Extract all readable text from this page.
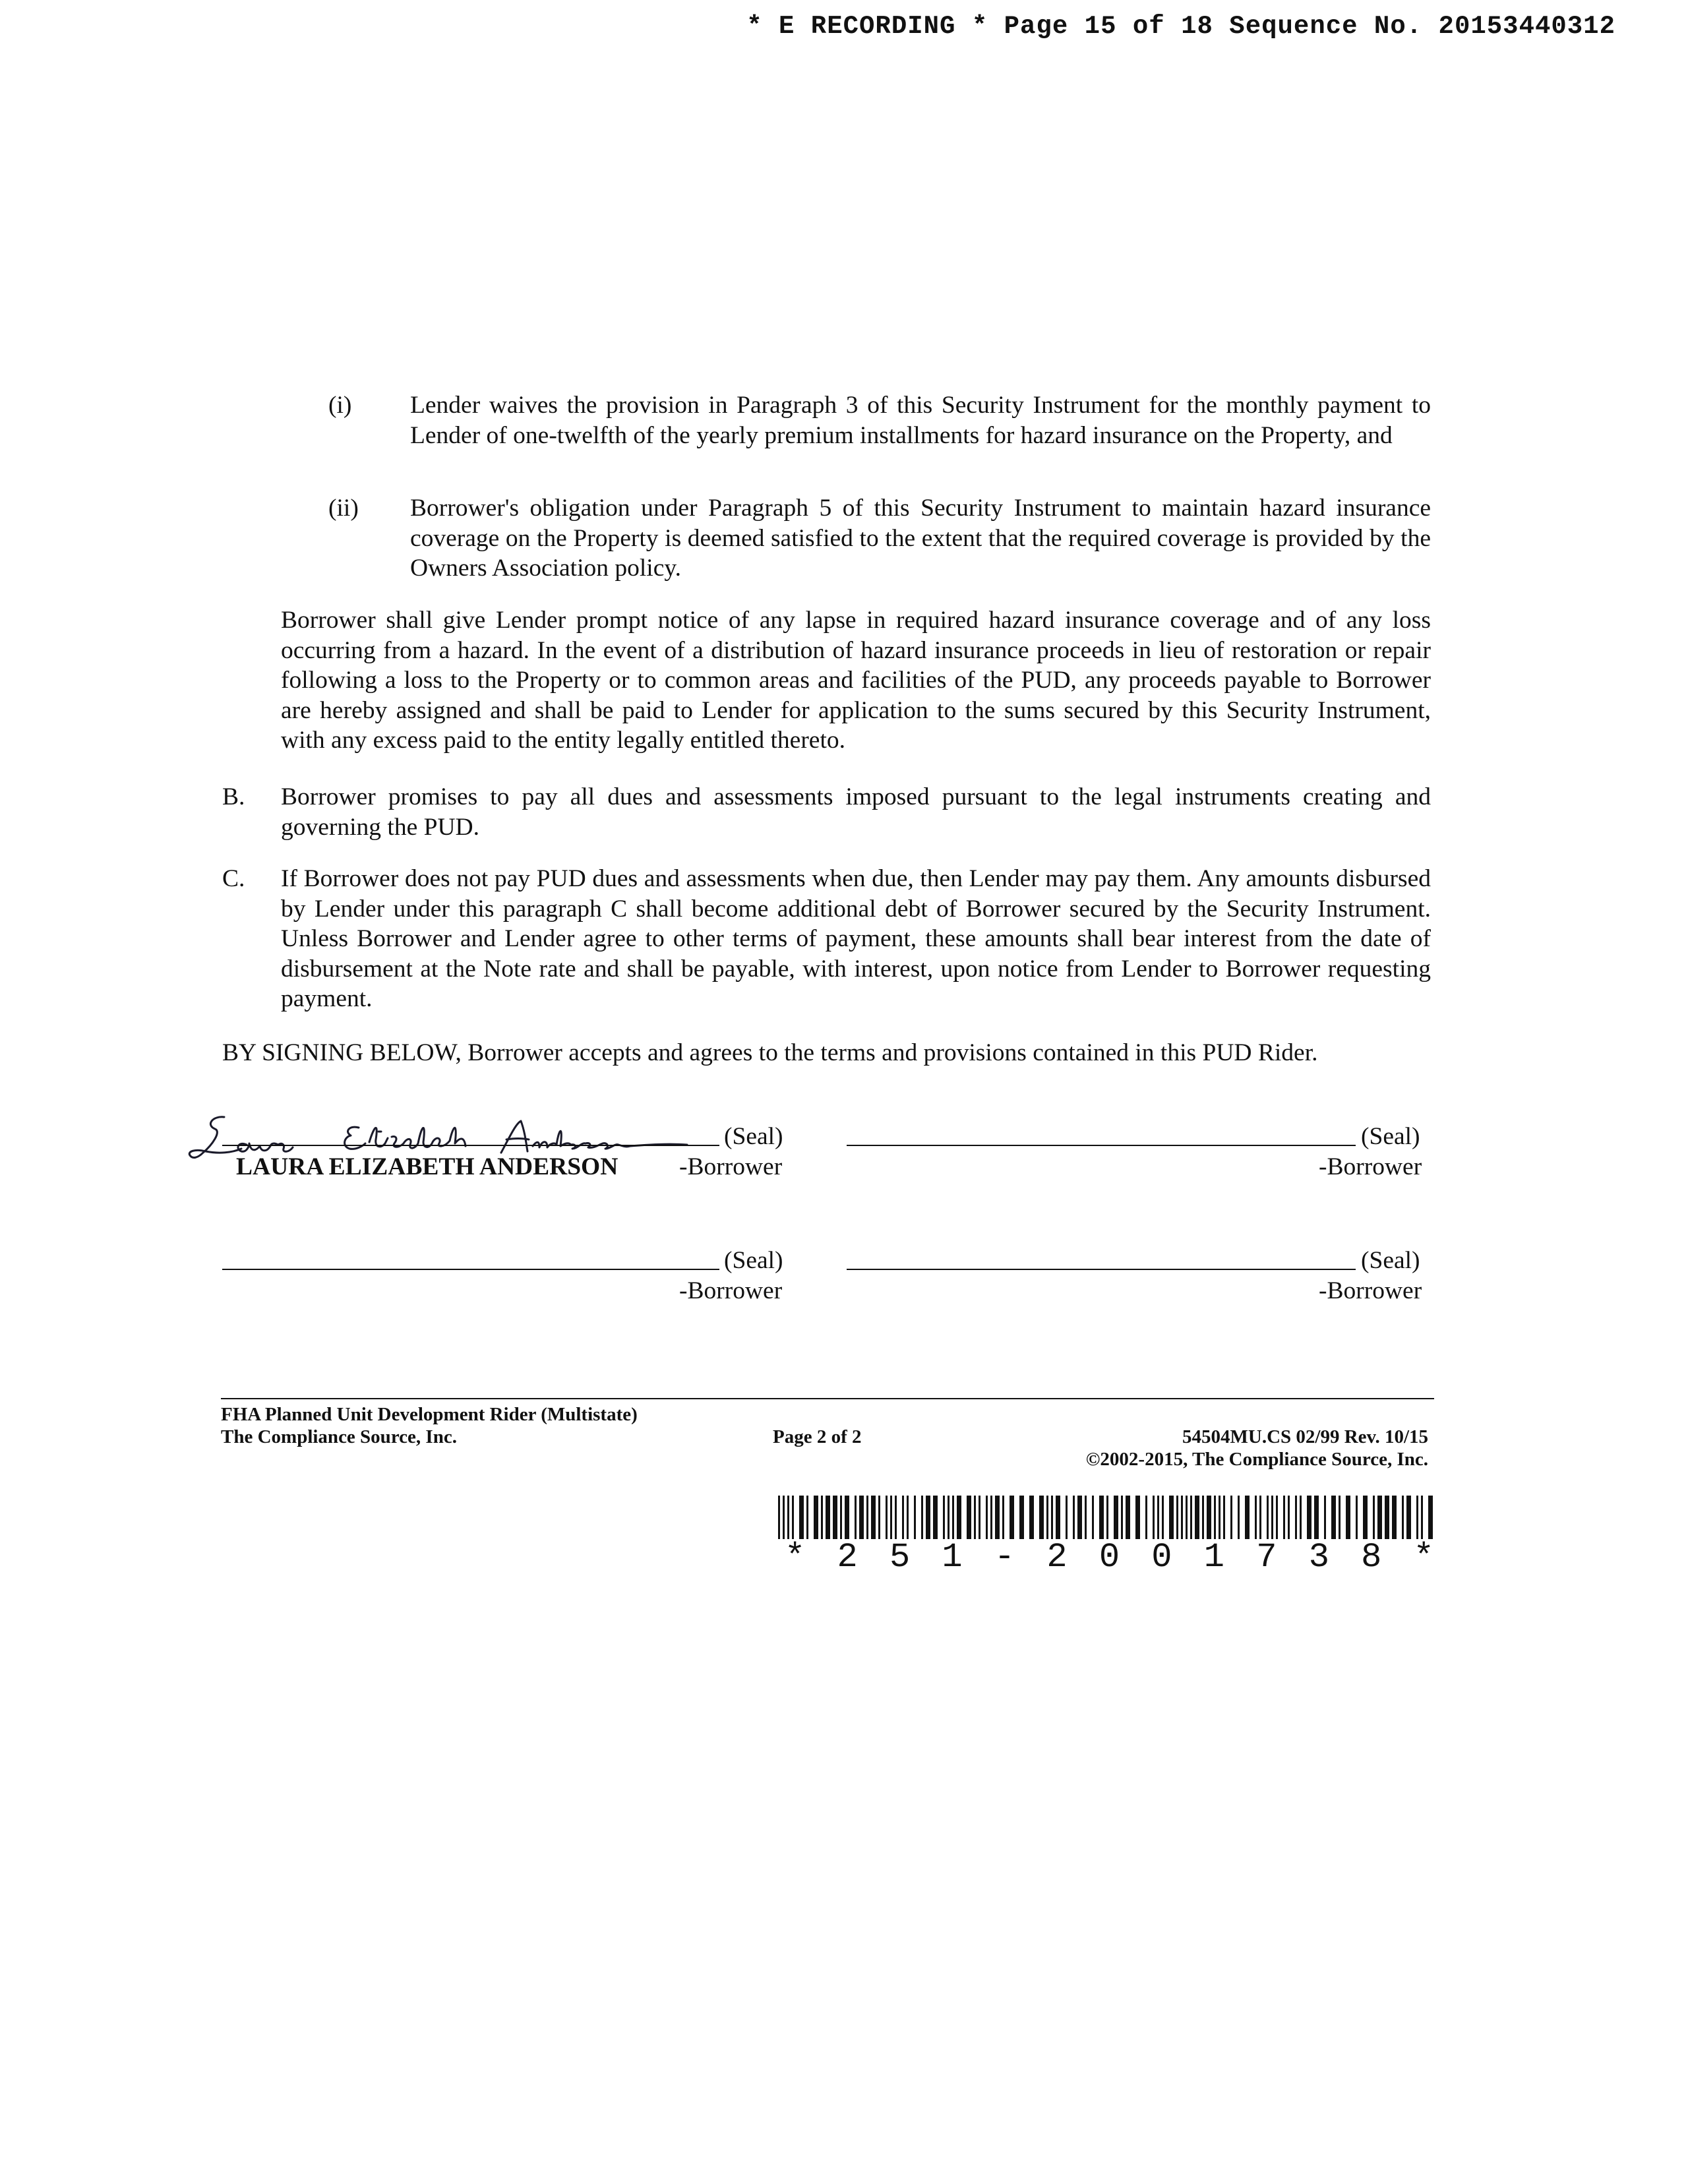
* E RECORDING * Page 15 of 18 Sequence No. 20153440312
(i) Lender waives the provision in Paragraph 3 of this Security Instrument for the monthly payment to Lender of one-twelfth of the yearly premium installments for hazard insurance on the Property, and
(ii) Borrower's obligation under Paragraph 5 of this Security Instrument to maintain hazard insurance coverage on the Property is deemed satisfied to the extent that the required coverage is provided by the Owners Association policy.
Borrower shall give Lender prompt notice of any lapse in required hazard insurance coverage and of any loss occurring from a hazard. In the event of a distribution of hazard insurance proceeds in lieu of restoration or repair following a loss to the Property or to common areas and facilities of the PUD, any proceeds payable to Borrower are hereby assigned and shall be paid to Lender for application to the sums secured by this Security Instrument, with any excess paid to the entity legally entitled thereto.
B. Borrower promises to pay all dues and assessments imposed pursuant to the legal instruments creating and governing the PUD.
C. If Borrower does not pay PUD dues and assessments when due, then Lender may pay them. Any amounts disbursed by Lender under this paragraph C shall become additional debt of Borrower secured by the Security Instrument. Unless Borrower and Lender agree to other terms of payment, these amounts shall bear interest from the date of disbursement at the Note rate and shall be payable, with interest, upon notice from Lender to Borrower requesting payment.
BY SIGNING BELOW, Borrower accepts and agrees to the terms and provisions contained in this PUD Rider.
(Seal)
LAURA ELIZABETH ANDERSON -Borrower
(Seal)
-Borrower
(Seal)
-Borrower
(Seal)
-Borrower
FHA Planned Unit Development Rider (Multistate)
The Compliance Source, Inc.	Page 2 of 2	54504MU.CS 02/99 Rev. 10/15
©2002-2015, The Compliance Source, Inc.
* 2 5 1 - 2 0 0 1 7 3 8 *
